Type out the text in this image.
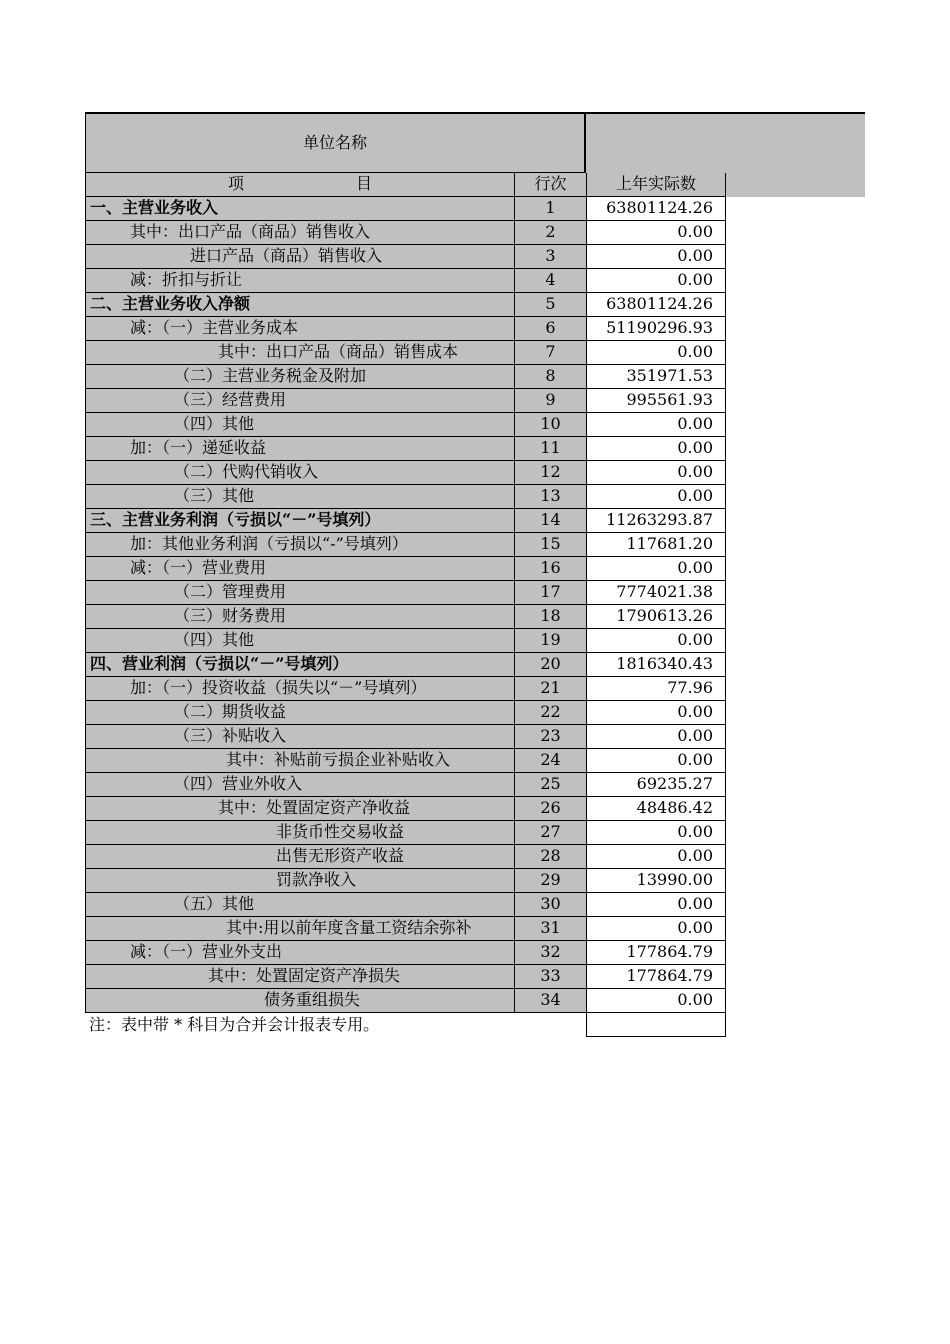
单位名称
项　　　　　　　目	行次	上年实际数
一、主营业务收入	1	63801124.26
其中：出口产品（商品）销售收入	2	0.00
进口产品（商品）销售收入	3	0.00
减：折扣与折让	4	0.00
二、主营业务收入净额	5	63801124.26
减：（一）主营业务成本	6	51190296.93
其中：出口产品（商品）销售成本	7	0.00
（二）主营业务税金及附加	8	351971.53
（三）经营费用	9	995561.93
（四）其他	10	0.00
加：（一）递延收益	11	0.00
（二）代购代销收入	12	0.00
（三）其他	13	0.00
三、主营业务利润（亏损以“－”号填列）	14	11263293.87
加：其他业务利润（亏损以“-”号填列）	15	117681.20
减：（一）营业费用	16	0.00
（二）管理费用	17	7774021.38
（三）财务费用	18	1790613.26
（四）其他	19	0.00
四、营业利润（亏损以“－”号填列）	20	1816340.43
加：（一）投资收益（损失以“－”号填列）	21	77.96
（二）期货收益	22	0.00
（三）补贴收入	23	0.00
其中：补贴前亏损企业补贴收入	24	0.00
（四）营业外收入	25	69235.27
其中：处置固定资产净收益	26	48486.42
非货币性交易收益	27	0.00
出售无形资产收益	28	0.00
罚款净收入	29	13990.00
（五）其他	30	0.00
其中:用以前年度含量工资结余弥补	31	0.00
减：（一）营业外支出	32	177864.79
其中：处置固定资产净损失	33	177864.79
债务重组损失	34	0.00
注：表中带 * 科目为合并会计报表专用。
